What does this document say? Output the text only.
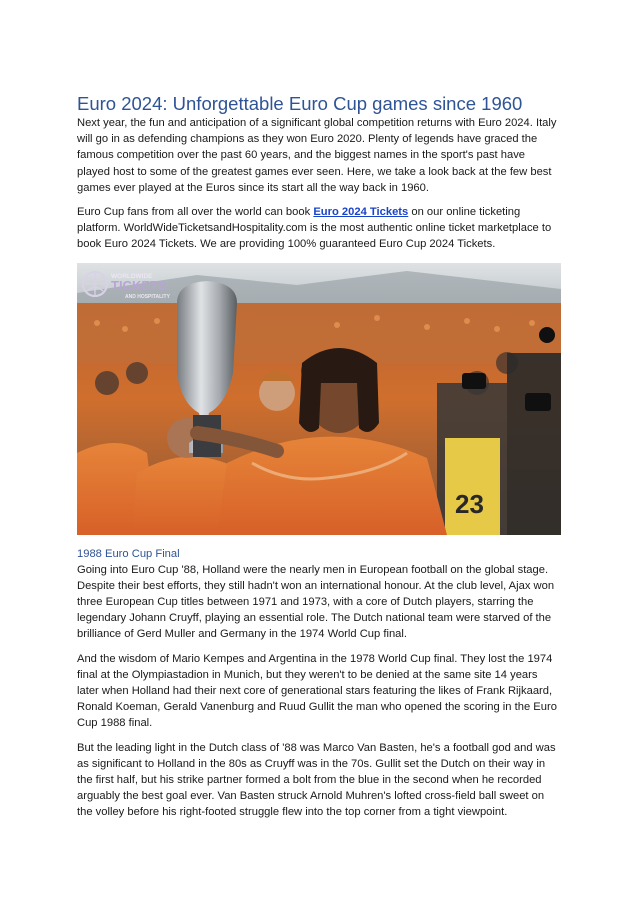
Euro 2024: Unforgettable Euro Cup games since 1960

Next year, the fun and anticipation of a significant global competition returns with Euro 2024. Italy will go in as defending champions as they won Euro 2020. Plenty of legends have graced the famous competition over the past 60 years, and the biggest names in the sport's past have played host to some of the greatest games ever seen. Here, we take a look back at the few best games ever played at the Euros since its start all the way back in 1960.

Euro Cup fans from all over the world can book Euro 2024 Tickets on our online ticketing platform. WorldWideTicketsandHospitality.com is the most authentic online ticket marketplace to book Euro 2024 Tickets. We are providing 100% guaranteed Euro Cup 2024 Tickets.

23
WORLDWIDE
TICKETS
AND HOSPITALITY
1988 Euro Cup Final

Going into Euro Cup '88, Holland were the nearly men in European football on the global stage. Despite their best efforts, they still hadn't won an international honour. At the club level, Ajax won three European Cup titles between 1971 and 1973, with a core of Dutch players, starring the legendary Johann Cruyff, playing an essential role. The Dutch national team were starved of the brilliance of Gerd Muller and Germany in the 1974 World Cup final.

And the wisdom of Mario Kempes and Argentina in the 1978 World Cup final. They lost the 1974 final at the Olympiastadion in Munich, but they weren't to be denied at the same site 14 years later when Holland had their next core of generational stars featuring the likes of Frank Rijkaard, Ronald Koeman, Gerald Vanenburg and Ruud Gullit the man who opened the scoring in the Euro Cup 1988 final.

But the leading light in the Dutch class of '88 was Marco Van Basten, he's a football god and was as significant to Holland in the 80s as Cruyff was in the 70s. Gullit set the Dutch on their way in the first half, but his strike partner formed a bolt from the blue in the second when he recorded arguably the best goal ever. Van Basten struck Arnold Muhren's lofted cross-field ball sweet on the volley before his right-footed struggle flew into the top corner from a tight viewpoint.
